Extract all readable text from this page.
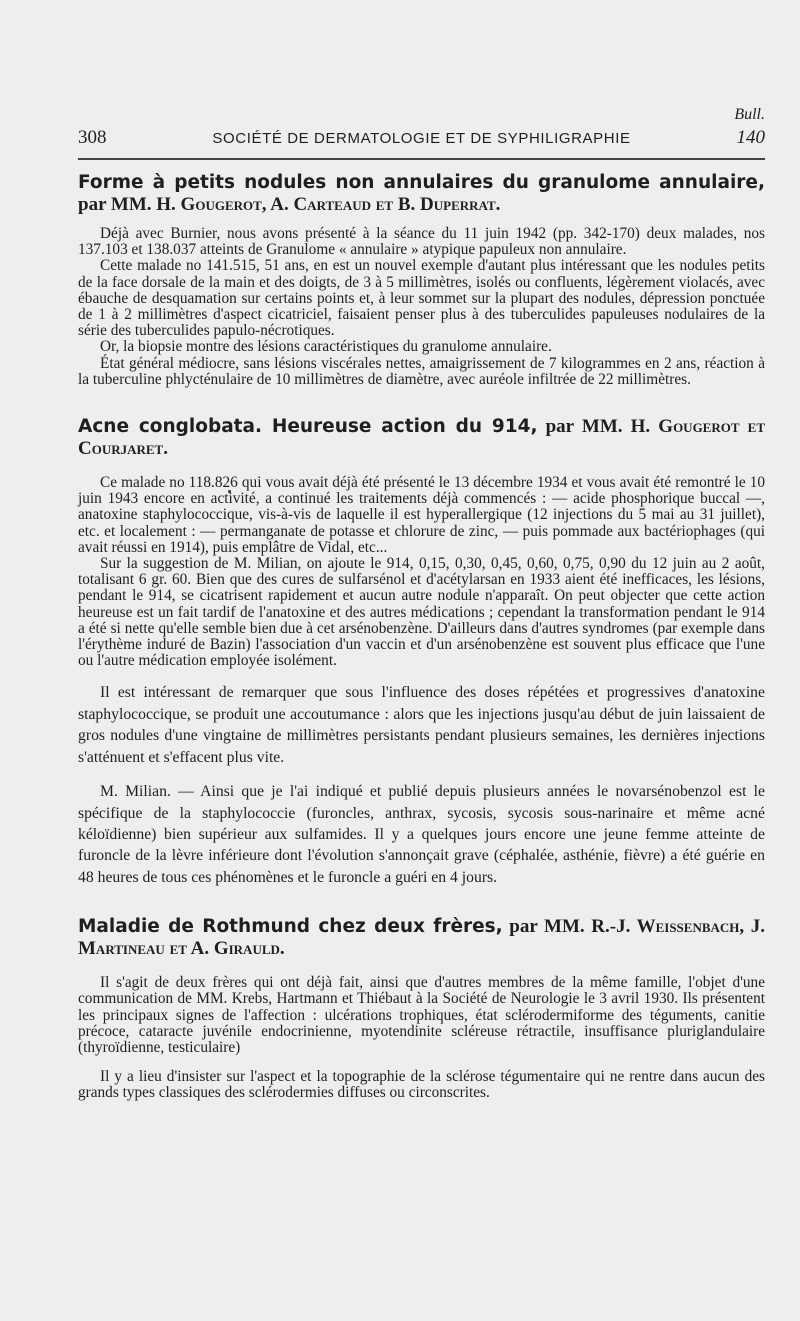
Bull.
308	SOCIÉTÉ DE DERMATOLOGIE ET DE SYPHILIGRAPHIE	140
Forme à petits nodules non annulaires du granulome annulaire, par MM. H. Gougerot, A. Carteaud et B. Duperrat.

Déjà avec Burnier, nous avons présenté à la séance du 11 juin 1942 (pp. 342-170) deux malades, nos 137.103 et 138.037 atteints de Granulome « annulaire » atypique papuleux non annulaire.

Cette malade no 141.515, 51 ans, en est un nouvel exemple d'autant plus intéressant que les nodules petits de la face dorsale de la main et des doigts, de 3 à 5 millimètres, isolés ou confluents, légèrement violacés, avec ébauche de desquamation sur certains points et, à leur sommet sur la plupart des nodules, dépression ponctuée de 1 à 2 millimètres d'aspect cicatriciel, faisaient penser plus à des tuberculides papuleuses nodulaires de la série des tuberculides papulo-nécrotiques.

Or, la biopsie montre des lésions caractéristiques du granulome annulaire.

État général médiocre, sans lésions viscérales nettes, amaigrissement de 7 kilogrammes en 2 ans, réaction à la tuberculine phlycténulaire de 10 millimètres de diamètre, avec auréole infiltrée de 22 millimètres.

Acne conglobata. Heureuse action du 914, par MM. H. Gougerot et Courjaret.

Ce malade no 118.826 qui vous avait déjà été présenté le 13 décembre 1934 et vous avait été remontré le 10 juin 1943 encore en activité, a continué les traitements déjà commencés : — acide phosphorique buccal —, anatoxine staphylococcique, vis-à-vis de laquelle il est hyperallergique (12 injections du 5 mai au 31 juillet), etc. et localement : — permanganate de potasse et chlorure de zinc, — puis pommade aux bactériophages (qui avait réussi en 1914), puis emplâtre de Vidal, etc...

Sur la suggestion de M. Milian, on ajoute le 914, 0,15, 0,30, 0,45, 0,60, 0,75, 0,90 du 12 juin au 2 août, totalisant 6 gr. 60. Bien que des cures de sulfarsénol et d'acétylarsan en 1933 aient été inefficaces, les lésions, pendant le 914, se cicatrisent rapidement et aucun autre nodule n'apparaît. On peut objecter que cette action heureuse est un fait tardif de l'anatoxine et des autres médications ; cependant la transformation pendant le 914 a été si nette qu'elle semble bien due à cet arsénobenzène. D'ailleurs dans d'autres syndromes (par exemple dans l'érythème induré de Bazin) l'association d'un vaccin et d'un arsénobenzène est souvent plus efficace que l'une ou l'autre médication employée isolément.

Il est intéressant de remarquer que sous l'influence des doses répétées et progressives d'anatoxine staphylococcique, se produit une accoutumance : alors que les injections jusqu'au début de juin laissaient de gros nodules d'une vingtaine de millimètres persistants pendant plusieurs semaines, les dernières injections s'atténuent et s'effacent plus vite.

M. Milian. — Ainsi que je l'ai indiqué et publié depuis plusieurs années le novarsénobenzol est le spécifique de la staphylococcie (furoncles, anthrax, sycosis, sycosis sous-narinaire et même acné kéloïdienne) bien supérieur aux sulfamides. Il y a quelques jours encore une jeune femme atteinte de furoncle de la lèvre inférieure dont l'évolution s'annonçait grave (céphalée, asthénie, fièvre) a été guérie en 48 heures de tous ces phénomènes et le furoncle a guéri en 4 jours.

Maladie de Rothmund chez deux frères, par MM. R.-J. Weissenbach, J. Martineau et A. Girauld.

Il s'agit de deux frères qui ont déjà fait, ainsi que d'autres membres de la même famille, l'objet d'une communication de MM. Krebs, Hartmann et Thiébaut à la Société de Neurologie le 3 avril 1930. Ils présentent les principaux signes de l'affection : ulcérations trophiques, état sclérodermiforme des téguments, canitie précoce, cataracte juvénile endocrinienne, myotendinite scléreuse rétractile, insuffisance pluriglandulaire (thyroïdienne, testiculaire)

Il y a lieu d'insister sur l'aspect et la topographie de la sclérose tégumentaire qui ne rentre dans aucun des grands types classiques des sclérodermies diffuses ou circonscrites.
